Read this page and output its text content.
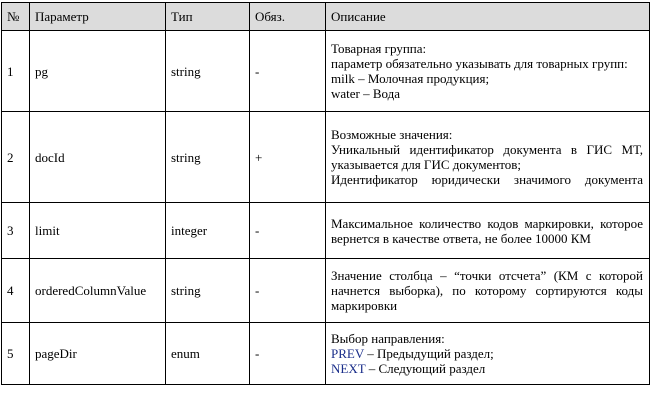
№	Параметр	Тип	Обяз.	Описание
1	pg	string	-	Товарная группа:
параметр обязательно указывать для товарных групп:
milk – Молочная продукция;
water – Вода

2	docId	string	+	Возможные значения:
Уникальный идентификатор документа в ГИС МТ, указывается для ГИС документов;
Идентификатор юридически значимого документа

3	limit	integer	-	Максимальное количество кодов маркировки, которое вернется в качестве ответа, не более 10000 КМ

4	orderedColumnValue	string	-	Значение столбца – “точки отсчета” (КМ с которой начнется выборка), по которому сортируются коды маркировки

5	pageDir	enum	-	Выбор направления:
PREV – Предыдущий раздел;
NEXT – Следующий раздел
